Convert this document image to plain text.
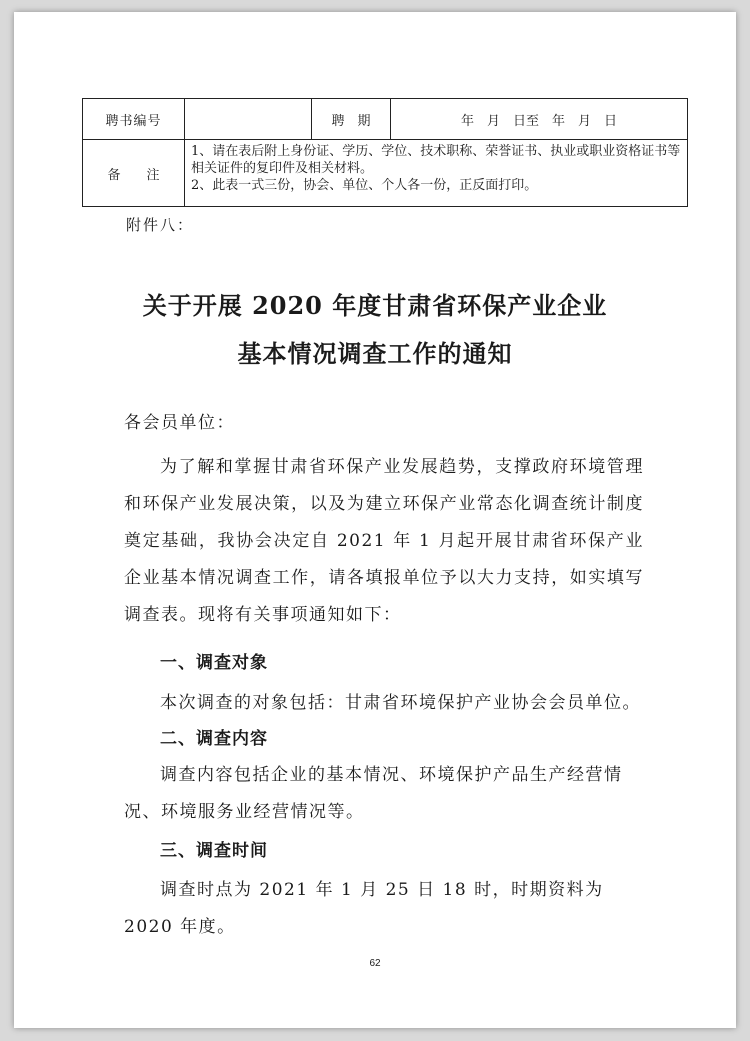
聘书编号		聘　期	年　月　日至　年　月　日
备　　注	1、请在表后附上身份证、学历、学位、技术职称、荣誉证书、执业或职业资格证书等相关证件的复印件及相关材料。
2、此表一式三份，协会、单位、个人各一份，正反面打印。		
附件八：
关于开展 2020 年度甘肃省环保产业企业
基本情况调查工作的通知
各会员单位：
为了解和掌握甘肃省环保产业发展趋势，支撑政府环境管理和环保产业发展决策，以及为建立环保产业常态化调查统计制度奠定基础，我协会决定自 2021 年 1 月起开展甘肃省环保产业企业基本情况调查工作，请各填报单位予以大力支持，如实填写调查表。现将有关事项通知如下：
一、调查对象
本次调查的对象包括：甘肃省环境保护产业协会会员单位。
二、调查内容
调查内容包括企业的基本情况、环境保护产品生产经营情况、环境服务业经营情况等。
三、调查时间
调查时点为 2021 年 1 月 25 日 18 时，时期资料为 2020 年度。
62
